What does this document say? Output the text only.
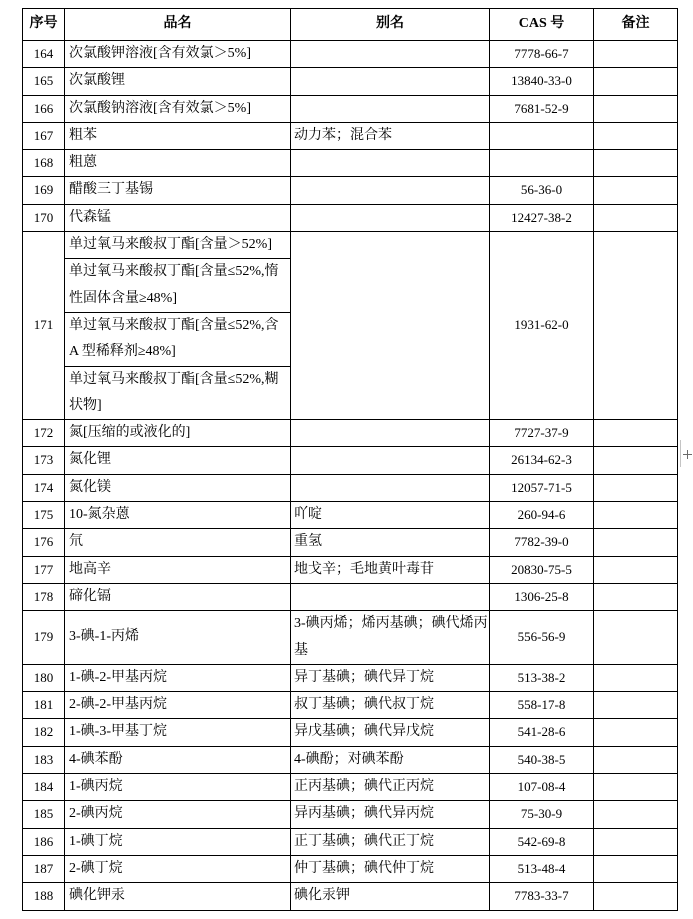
序号	品名	别名	CAS 号	备注
164	次氯酸钾溶液[含有效氯＞5%]		7778-66-7	
165	次氯酸锂		13840-33-0	
166	次氯酸钠溶液[含有效氯＞5%]		7681-52-9	
167	粗苯	动力苯；混合苯		
168	粗蒽			
169	醋酸三丁基锡		56-36-0	
170	代森锰		12427-38-2	
171	单过氧马来酸叔丁酯[含量＞52%]		1931-62-0	
	单过氧马来酸叔丁酯[含量≤52%,惰性固体含量≥48%]			
	单过氧马来酸叔丁酯[含量≤52%,含A 型稀释剂≥48%]			
	单过氧马来酸叔丁酯[含量≤52%,糊状物]			
172	氮[压缩的或液化的]		7727-37-9	
173	氮化锂		26134-62-3	
174	氮化镁		12057-71-5	
175	10-氮杂蒽	吖啶	260-94-6	
176	氘	重氢	7782-39-0	
177	地高辛	地戈辛；毛地黄叶毒苷	20830-75-5	
178	碲化镉		1306-25-8	
179	3-碘-1-丙烯	3-碘丙烯；烯丙基碘；碘代烯丙基	556-56-9	
180	1-碘-2-甲基丙烷	异丁基碘；碘代异丁烷	513-38-2	
181	2-碘-2-甲基丙烷	叔丁基碘；碘代叔丁烷	558-17-8	
182	1-碘-3-甲基丁烷	异戊基碘；碘代异戊烷	541-28-6	
183	4-碘苯酚	4-碘酚；对碘苯酚	540-38-5	
184	1-碘丙烷	正丙基碘；碘代正丙烷	107-08-4	
185	2-碘丙烷	异丙基碘；碘代异丙烷	75-30-9	
186	1-碘丁烷	正丁基碘；碘代正丁烷	542-69-8	
187	2-碘丁烷	仲丁基碘；碘代仲丁烷	513-48-4	
188	碘化钾汞	碘化汞钾	7783-33-7	
